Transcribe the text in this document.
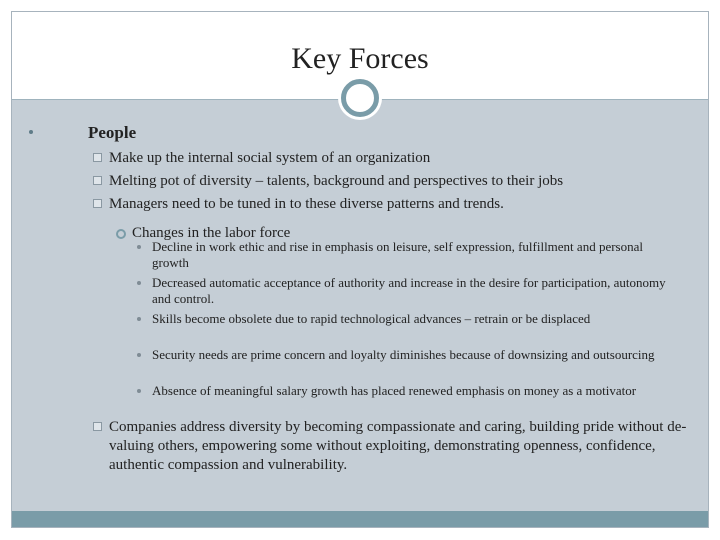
Key Forces
People
Make up the internal social system of an organization
Melting pot of diversity – talents, background and perspectives to their jobs
Managers need to be tuned in to these diverse patterns and trends.
Changes in the labor force
Decline in work ethic and rise in emphasis on leisure, self expression, fulfillment and personal growth
Decreased automatic acceptance of authority and increase in the desire for participation, autonomy and control.
Skills become obsolete due to rapid technological advances – retrain or be displaced
Security needs are prime concern and loyalty diminishes because of downsizing and outsourcing
Absence of meaningful salary growth has placed renewed emphasis on money as a motivator
Companies address diversity by becoming compassionate and caring, building pride without de-valuing others, empowering some without exploiting, demonstrating openness, confidence, authentic compassion and vulnerability.
